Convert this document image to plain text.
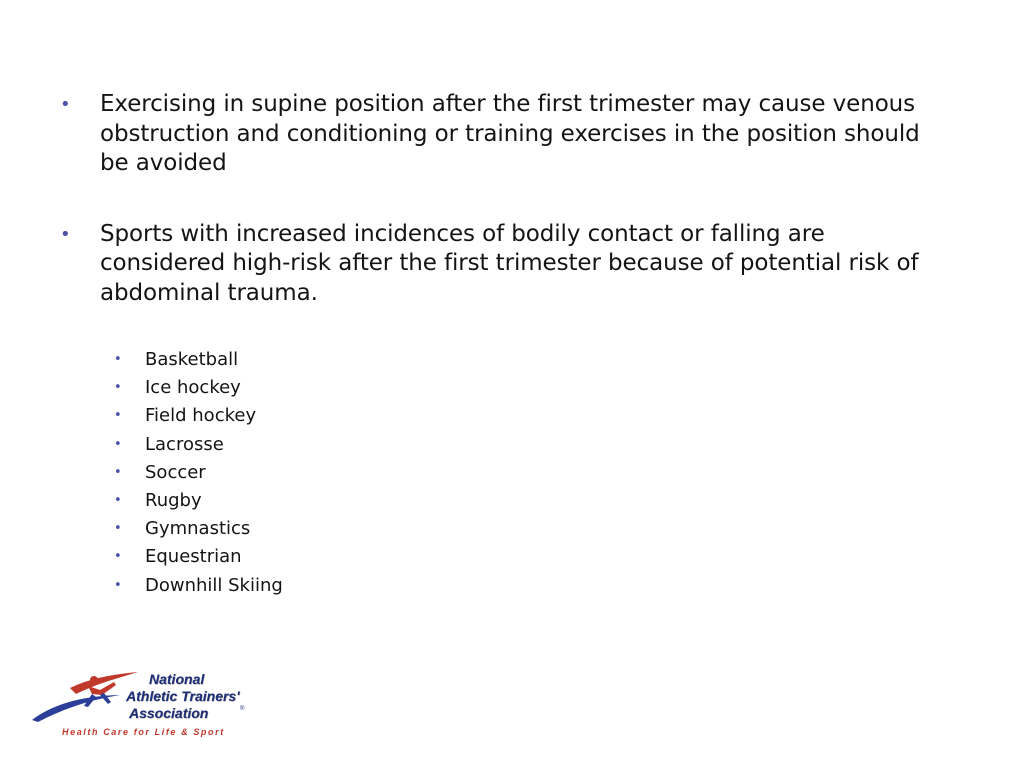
• Exercising in supine position after the first trimester may cause venous obstruction and conditioning or training exercises in the position should be avoided
• Sports with increased incidences of bodily contact or falling are considered high-risk after the first trimester because of potential risk of abdominal trauma.
• Basketball
• Ice hockey
• Field hockey
• Lacrosse
• Soccer
• Rugby
• Gymnastics
• Equestrian
• Downhill Skiing
National
Athletic Trainers'
Association	®
Health Care for Life & Sport
